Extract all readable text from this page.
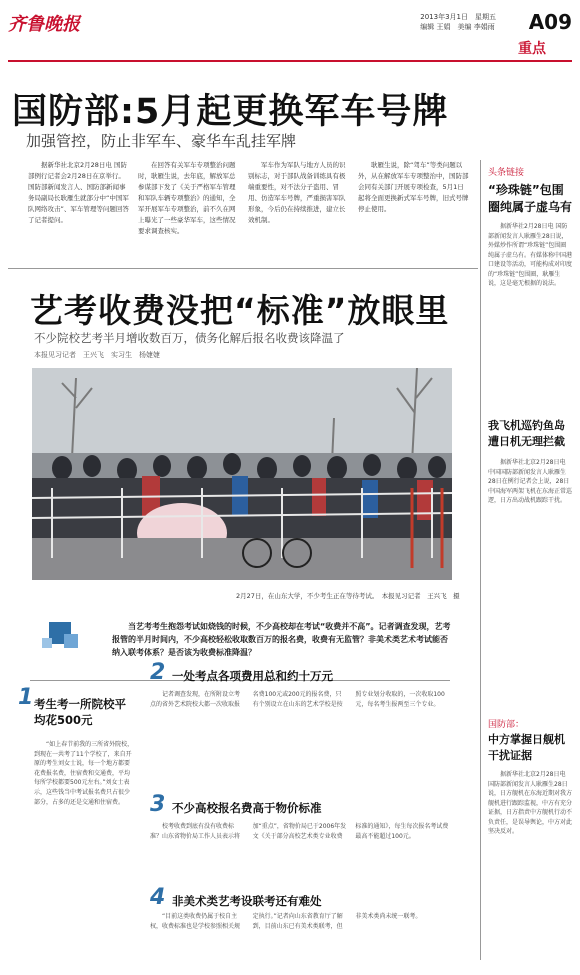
齐鲁晚报	2013年3月1日　星期五
编辑 王娟　美编 李娟雨 A09
重点
国防部:5月起更换军车号牌
加强管控，防止非军车、豪华车乱挂军牌

　　据新华社北京2月28日电 国防部例行记者会2月28日在京举行。国防部新闻发言人、国防部新闻事务局副局长耿雁生就部分中“中国军队网络攻击”、军车管理等问题回答了记者提问。

　　在回答有关军车专项整治问题时，耿雁生说，去年底，解放军总参谋部下发了《关于严格军车管理和军队车辆专项整治》的通知，全军开展军车专项整治，前不久在网上曝光了一些豪华军车，这些情况要求调查核实。

　　军车作为军队与地方人员的识别标志，对于部队战备训练具有极端重要性，对不法分子盗用、冒用、仿造军车号牌，严重损害军队形象，今后仍在持续推进，建立长效机制。

　　耿雁生说，除“驾车”等类问题以外，从在解放军车专项整治中，国防部会同有关部门开展专项检查，5月1日起将全面更换新式军车号牌，旧式号牌停止使用。

头条链接
“珍珠链”包围圈纯属子虚乌有
　　据新华社2月28日电 国防部新闻发言人耿雁生28日说，外媒炒作所谓“珍珠链”包围圈纯属子虚乌有。有媒体称中国港口建设等活动，可能构成对印度的“珍珠链”包围圈，耿雁生说，这是毫无根据的说法。
我飞机巡钓鱼岛遭日机无理拦截
　　据新华社北京2月28日电 中国国防部新闻发言人耿雁生28日在例行记者会上说，28日中国海军两架飞机在东海正常巡逻，日方出动战机跟踪干扰。
国防部：
中方掌握日舰机干扰证据
　　据新华社北京2月28日电 国防部新闻发言人耿雁生28日说，日方舰机在东海近期对我方舰机进行跟踪监视，中方有充分证据，日方指责中方舰机行动不负责任，是误导舆论，中方对此坚决反对。
艺考收费没把“标准”放眼里
不少院校艺考半月增收数百万，债务化解后报名收费该降温了
本报见习记者　王兴飞　实习生　杨婕婕
2月27日，在山东大学，不少考生正在等待考试。　本报见习记者　王兴飞　摄
　　当艺考考生抱怨考试如烧钱的时候，不少高校却在考试“收费并不高”。记者调查发现，艺考报管的半月时间内，不少高校轻松收取数百万的报名费，收费有无监管？非美术类艺术考试能否纳入联考体系？是否该为收费标准降温？
1 考生考一所院校平均花500元
　　“如上春节前我的三所省外院校，到现在一共考了11个学校了，来自开原的考生刘女士说，每一个地方都要花费报名费，住宿费和交通费，平均每所学校都要500元左右。”刘女士表示，这些钱当中考试报名费只占很少部分，占多的还是交通和住宿费。
2 一处考点各项费用总和约十万元
　　记者调查发现，在所附设立考点的省外艺术院校大都一次收取报名费100元或200元的报名费，只有个别设立在山东的艺术学校是按照专业划分收取的，一次收取100元，每名考生报两至三个专业。
3 不少高校报名费高于物价标准
　　校考收费到底有没有收费标准？山东省物价局工作人员表示将加“重点”，省物价局已于2006年发文《关于部分高校艺术类专业收费标准的通知》，每生每次报名考试费最高不能超过100元。
4 非美术类艺考设联考还有难处
　　“目前这类收费仍属于校自主权，收费标准也是学校参照相关规定执行。”记者向山东省教育厅了解到，目前山东已有美术类联考，但非美术类尚未统一联考。
